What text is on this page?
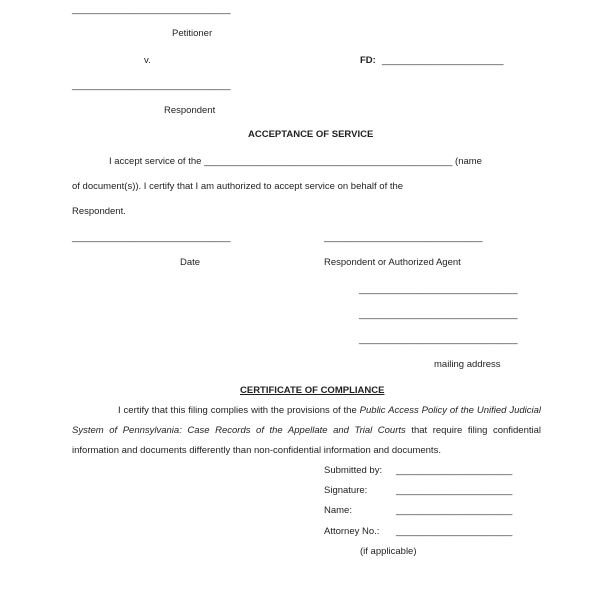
______________________________
Petitioner
v.	FD: _______________________
______________________________
Respondent
ACCEPTANCE OF SERVICE
I accept service of the _______________________________________________ (name
of document(s)). I certify that I am authorized to accept service on behalf of the
Respondent.
______________________________	______________________________
Date	Respondent or Authorized Agent
______________________________
______________________________
______________________________
mailing address
CERTIFICATE OF COMPLIANCE
I certify that this filing complies with the provisions of the Public Access Policy of the Unified Judicial System of Pennsylvania: Case Records of the Appellate and Trial Courts that require filing confidential information and documents differently than non-confidential information and documents.
Submitted by: ______________________
Signature:	______________________
Name:	______________________
Attorney No.: ______________________
(if applicable)
